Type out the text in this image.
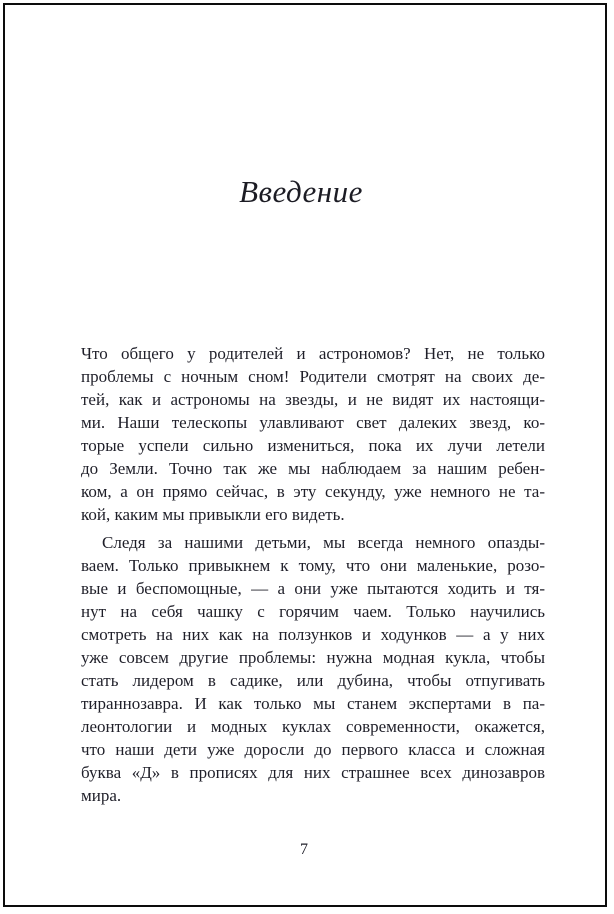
Введение
Что общего у родителей и астрономов? Нет, не только
проблемы с ночным сном! Родители смотрят на своих де-
тей, как и астрономы на звезды, и не видят их настоящи-
ми. Наши телескопы улавливают свет далеких звезд, ко-
торые успели сильно измениться, пока их лучи летели
до Земли. Точно так же мы наблюдаем за нашим ребен-
ком, а он прямо сейчас, в эту секунду, уже немного не та-
кой, каким мы привыкли его видеть.
Следя за нашими детьми, мы всегда немного опазды-
ваем. Только привыкнем к тому, что они маленькие, розо-
вые и беспомощные, — а они уже пытаются ходить и тя-
нут на себя чашку с горячим чаем. Только научились
смотреть на них как на ползунков и ходунков — а у них
уже совсем другие проблемы: нужна модная кукла, чтобы
стать лидером в садике, или дубина, чтобы отпугивать
тираннозавра. И как только мы станем экспертами в па-
леонтологии и модных куклах современности, окажется,
что наши дети уже доросли до первого класса и сложная
буква «Д» в прописях для них страшнее всех динозавров
мира.
7
